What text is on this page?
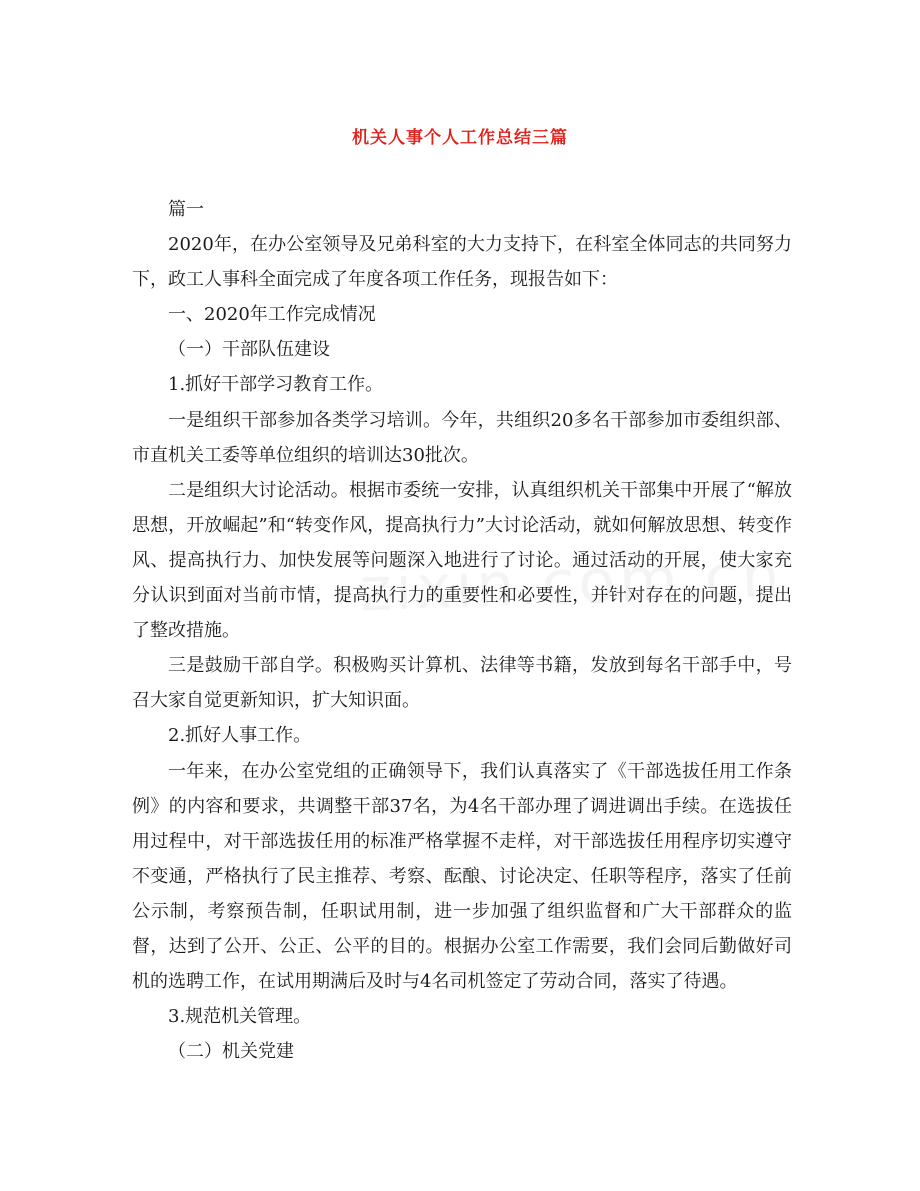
机关人事个人工作总结三篇

篇一

2020年，在办公室领导及兄弟科室的大力支持下，在科室全体同志的共同努力下，政工人事科全面完成了年度各项工作任务，现报告如下：

一、2020年工作完成情况

（一）干部队伍建设

1.抓好干部学习教育工作。

一是组织干部参加各类学习培训。今年，共组织20多名干部参加市委组织部、市直机关工委等单位组织的培训达30批次。

二是组织大讨论活动。根据市委统一安排，认真组织机关干部集中开展了“解放思想，开放崛起”和“转变作风，提高执行力”大讨论活动，就如何解放思想、转变作风、提高执行力、加快发展等问题深入地进行了讨论。通过活动的开展，使大家充分认识到面对当前市情，提高执行力的重要性和必要性，并针对存在的问题，提出了整改措施。

三是鼓励干部自学。积极购买计算机、法律等书籍，发放到每名干部手中，号召大家自觉更新知识，扩大知识面。

2.抓好人事工作。

一年来，在办公室党组的正确领导下，我们认真落实了《干部选拔任用工作条例》的内容和要求，共调整干部37名，为4名干部办理了调进调出手续。在选拔任用过程中，对干部选拔任用的标准严格掌握不走样，对干部选拔任用程序切实遵守不变通，严格执行了民主推荐、考察、酝酿、讨论决定、任职等程序，落实了任前公示制，考察预告制，任职试用制，进一步加强了组织监督和广大干部群众的监督，达到了公开、公正、公平的目的。根据办公室工作需要，我们会同后勤做好司机的选聘工作，在试用期满后及时与4名司机签定了劳动合同，落实了待遇。

3.规范机关管理。

（二）机关党建
